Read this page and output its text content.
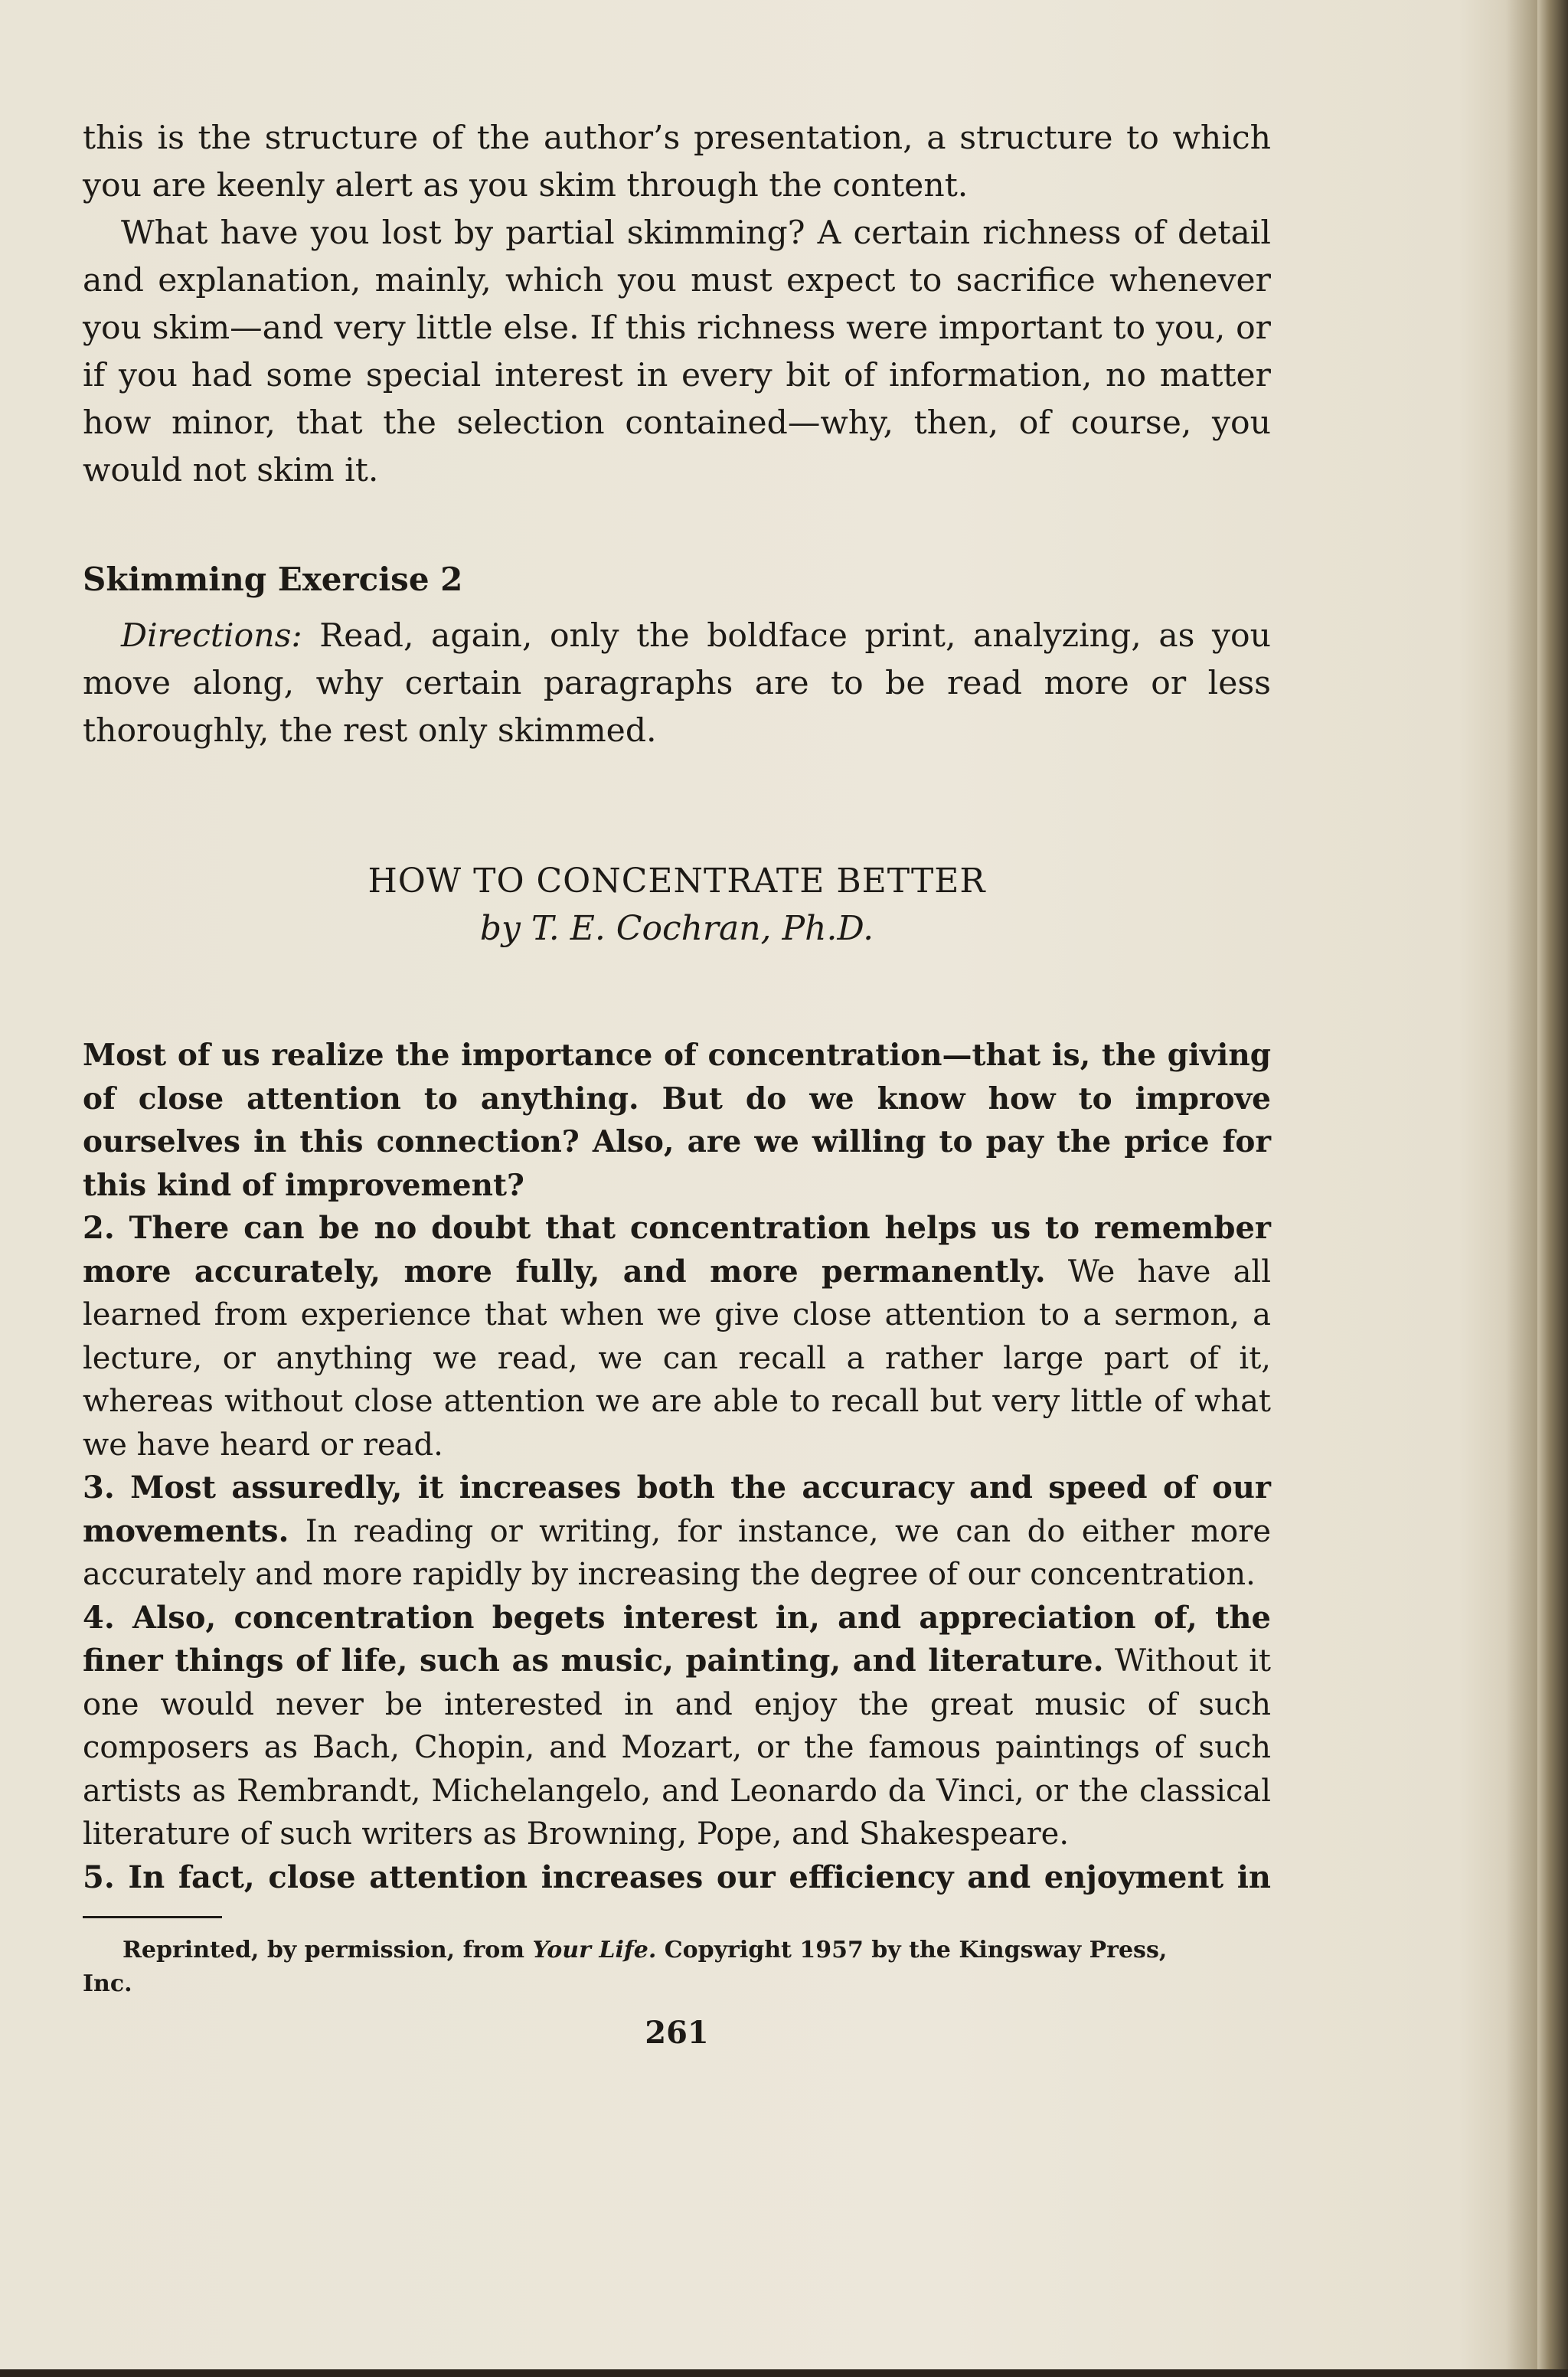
this is the structure of the author’s presentation, a structure to which you are keenly alert as you skim through the content.

What have you lost by partial skimming? A certain richness of detail and explanation, mainly, which you must expect to sacrifice whenever you skim—and very little else. If this richness were important to you, or if you had some special interest in every bit of information, no matter how minor, that the selection contained—why, then, of course, you would not skim it.

Skimming Exercise 2

Directions: Read, again, only the boldface print, analyzing, as you move along, why certain paragraphs are to be read more or less thoroughly, the rest only skimmed.

HOW TO CONCENTRATE BETTER
by T. E. Cochran, Ph.D.

Most of us realize the importance of concentration—that is, the giving of close attention to anything. But do we know how to improve ourselves in this connection? Also, are we willing to pay the price for this kind of improvement?

2. There can be no doubt that concentration helps us to remember more accurately, more fully, and more permanently. We have all learned from experience that when we give close attention to a sermon, a lecture, or anything we read, we can recall a rather large part of it, whereas without close attention we are able to recall but very little of what we have heard or read.

3. Most assuredly, it increases both the accuracy and speed of our movements. In reading or writing, for instance, we can do either more accurately and more rapidly by increasing the degree of our concentration.

4. Also, concentration begets interest in, and appreciation of, the finer things of life, such as music, painting, and literature. Without it one would never be interested in and enjoy the great music of such composers as Bach, Chopin, and Mozart, or the famous paintings of such artists as Rembrandt, Michelangelo, and Leonardo da Vinci, or the classical literature of such writers as Browning, Pope, and Shakespeare.

5. In fact, close attention increases our efficiency and enjoyment in

Reprinted, by permission, from Your Life. Copyright 1957 by the Kingsway Press,

Inc.

261
